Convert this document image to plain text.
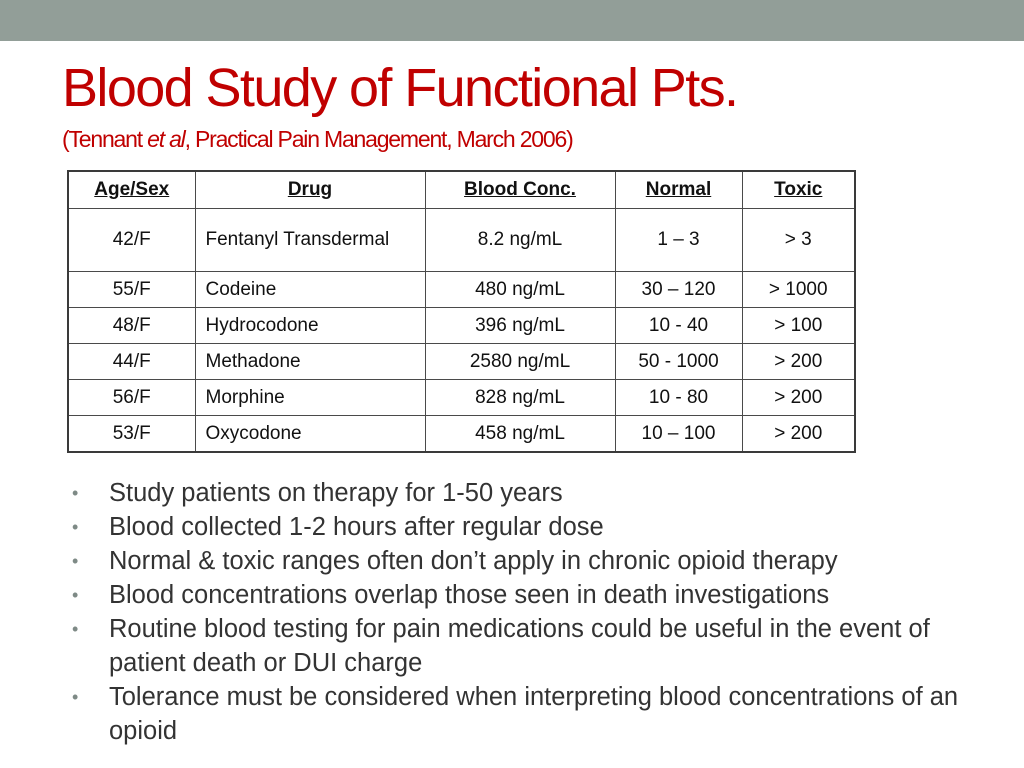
Blood Study of Functional Pts.

(Tennant et al, Practical Pain Management, March 2006)

Age/Sex	Drug	Blood Conc.	Normal	Toxic
42/F	Fentanyl Transdermal	8.2 ng/mL	1 – 3	> 3
55/F	Codeine	480 ng/mL	30 – 120	> 1000
48/F	Hydrocodone	396 ng/mL	10 - 40	> 100
44/F	Methadone	2580 ng/mL	50 - 1000	> 200
56/F	Morphine	828 ng/mL	10 - 80	> 200
53/F	Oxycodone	458 ng/mL	10 – 100	> 200
• Study patients on therapy for 1-50 years
• Blood collected 1-2 hours after regular dose
• Normal & toxic ranges often don’t apply in chronic opioid therapy
• Blood concentrations overlap those seen in death investigations
• Routine blood testing for pain medications could be useful in the event of patient death or DUI charge
• Tolerance must be considered when interpreting blood concentrations of an opioid
